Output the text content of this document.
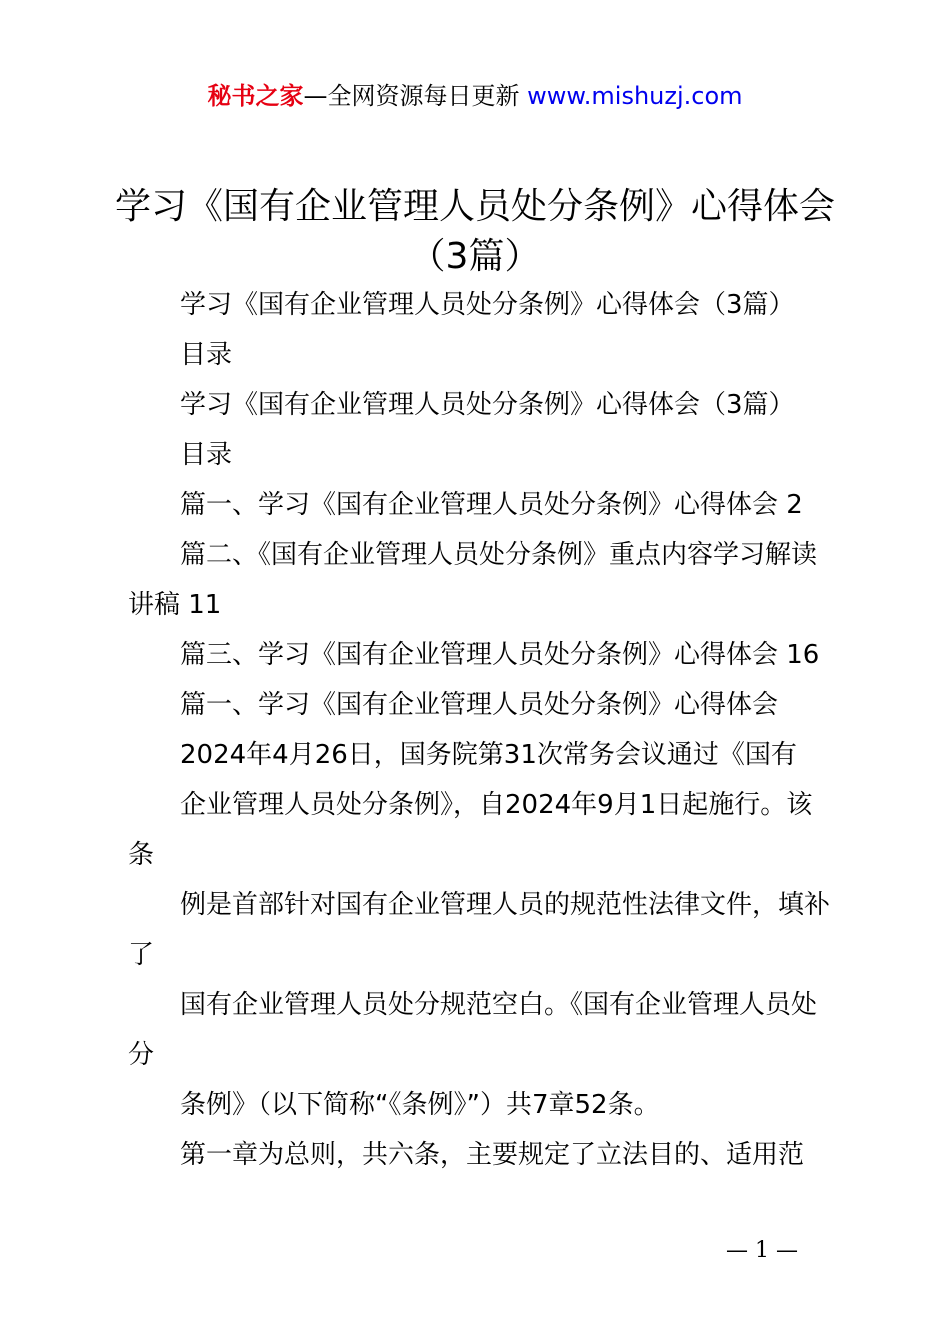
秘书之家—全网资源每日更新 www.mishuzj.com
学习《国有企业管理人员处分条例》心得体会（3篇）

学习《国有企业管理人员处分条例》心得体会（3篇）

目录

学习《国有企业管理人员处分条例》心得体会（3篇）

目录

篇一、学习《国有企业管理人员处分条例》心得体会 2

篇二、《国有企业管理人员处分条例》重点内容学习解读讲稿 11

篇三、学习《国有企业管理人员处分条例》心得体会 16

篇一、学习《国有企业管理人员处分条例》心得体会

2024年4月26日，国务院第31次常务会议通过《国有

企业管理人员处分条例》，自2024年9月1日起施行。该条

例是首部针对国有企业管理人员的规范性法律文件，填补了

国有企业管理人员处分规范空白。《国有企业管理人员处分

条例》（以下简称“《条例》”）共7章52条。

第一章为总则，共六条，主要规定了立法目的、适用范

— 1 —
